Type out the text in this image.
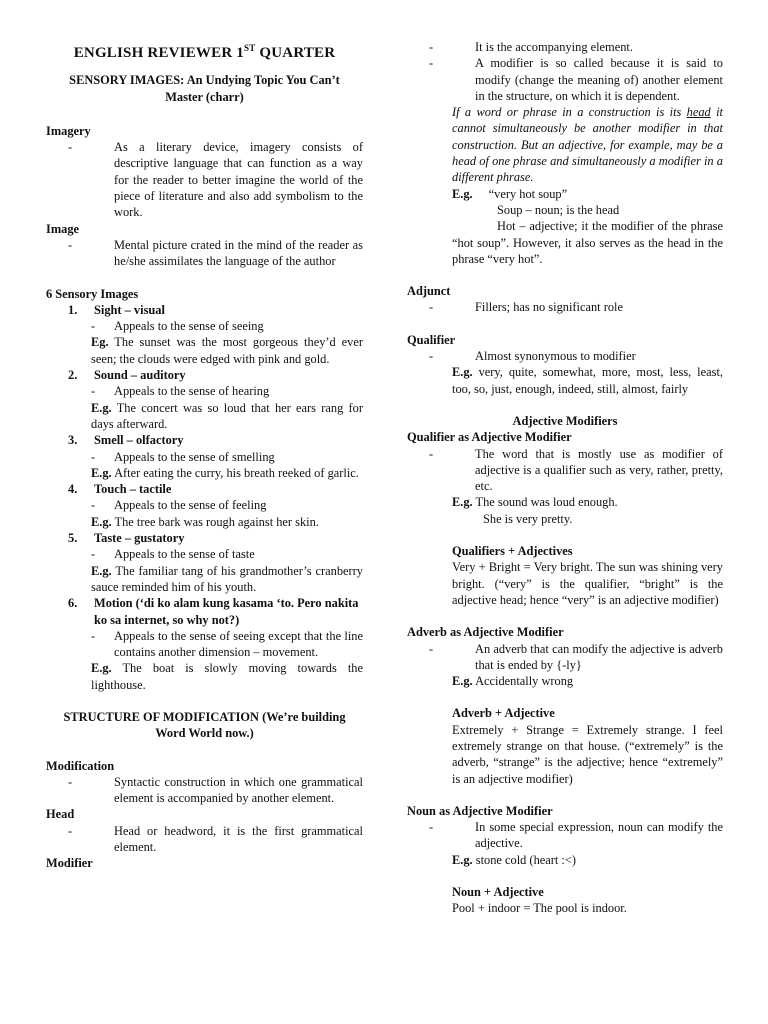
ENGLISH REVIEWER 1ST QUARTER

SENSORY IMAGES: An Undying Topic You Can’t Master (charr)

Imagery

- As a literary device, imagery consists of descriptive language that can function as a way for the reader to better imagine the world of the piece of literature and also add symbolism to the work.

Image

- Mental picture crated in the mind of the reader as he/she assimilates the language of the author

6 Sensory Images

1. Sight – visual

- Appeals to the sense of seeing

Eg. The sunset was the most gorgeous they’d ever seen; the clouds were edged with pink and gold.

2. Sound – auditory

- Appeals to the sense of hearing

E.g. The concert was so loud that her ears rang for days afterward.

3. Smell – olfactory

- Appeals to the sense of smelling

E.g. After eating the curry, his breath reeked of garlic.

4. Touch – tactile

- Appeals to the sense of feeling

E.g. The tree bark was rough against her skin.

5. Taste – gustatory

- Appeals to the sense of taste

E.g. The familiar tang of his grandmother’s cranberry sauce reminded him of his youth.

6. Motion (‘di ko alam kung kasama ‘to. Pero nakita ko sa internet, so why not?)

- Appeals to the sense of seeing except that the line contains another dimension – movement.

E.g. The boat is slowly moving towards the lighthouse.

STRUCTURE OF MODIFICATION (We’re building Word World now.)

Modification

- Syntactic construction in which one grammatical element is accompanied by another element.

Head

- Head or headword, it is the first grammatical element.

Modifier

- It is the accompanying element.

- A modifier is so called because it is said to modify (change the meaning of) another element in the structure, on which it is dependent.

If a word or phrase in a construction is its head it cannot simultaneously be another modifier in that construction. But an adjective, for example, may be a head of one phrase and simultaneously a modifier in a different phrase.

E.g. “very hot soup”

Soup – noun; is the head

Hot – adjective; it the modifier of the phrase “hot soup”. However, it also serves as the head in the phrase “very hot”.

Adjunct

- Fillers; has no significant role

Qualifier

- Almost synonymous to modifier

E.g. very, quite, somewhat, more, most, less, least, too, so, just, enough, indeed, still, almost, fairly

Adjective Modifiers

Qualifier as Adjective Modifier

- The word that is mostly use as modifier of adjective is a qualifier such as very, rather, pretty, etc.

E.g. The sound was loud enough.

She is very pretty.

Qualifiers + Adjectives

Very + Bright = Very bright. The sun was shining very bright. (“very” is the qualifier, “bright” is the adjective head; hence “very” is an adjective modifier)

Adverb as Adjective Modifier

- An adverb that can modify the adjective is adverb that is ended by {-ly}

E.g. Accidentally wrong

Adverb + Adjective

Extremely + Strange = Extremely strange. I feel extremely strange on that house. (“extremely” is the adverb, “strange” is the adjective; hence “extremely” is an adjective modifier)

Noun as Adjective Modifier

- In some special expression, noun can modify the adjective.

E.g. stone cold (heart :<)

Noun + Adjective

Pool + indoor = The pool is indoor.
